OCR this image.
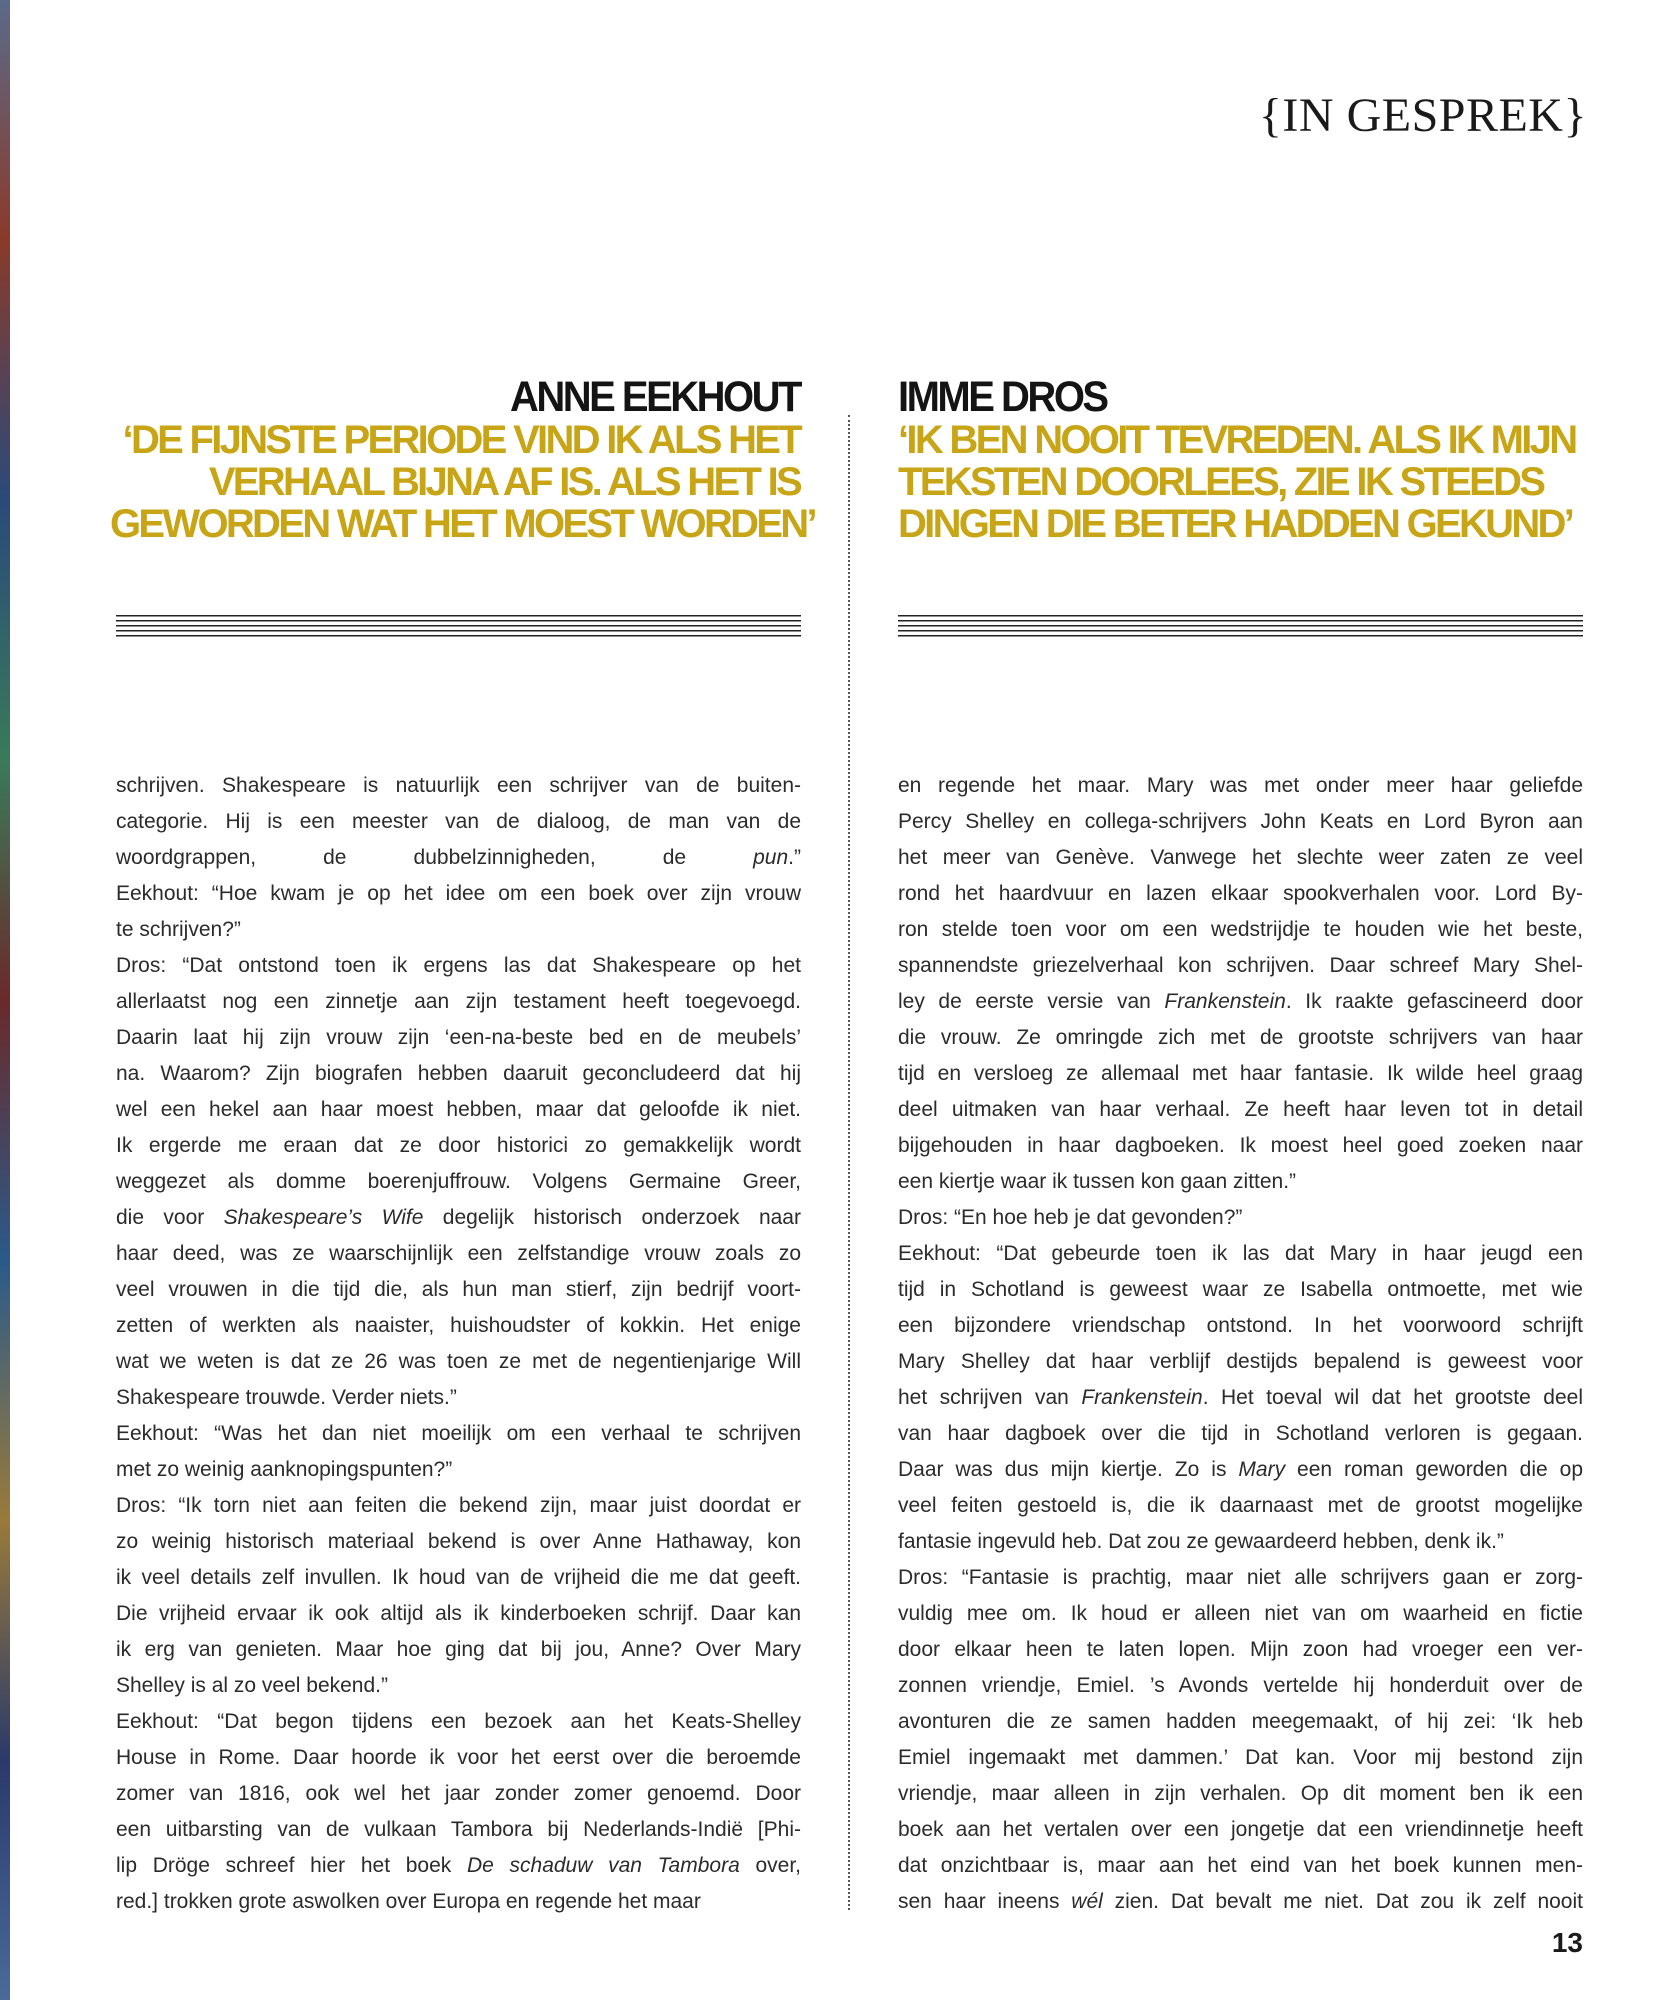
{IN GESPREK}
ANNE EEKHOUT
‘DE FIJNSTE PERIODE VIND IK ALS HET
VERHAAL BIJNA AF IS. ALS HET IS
GEWORDEN WAT HET MOEST WORDEN’
IMME DROS
‘IK BEN NOOIT TEVREDEN. ALS IK MIJN
TEKSTEN DOORLEES, ZIE IK STEEDS
DINGEN DIE BETER HADDEN GEKUND’
schrijven. Shakespeare is natuurlijk een schrijver van de buiten-
categorie. Hij is een meester van de dialoog, de man van de
woordgrappen, de dubbelzinnigheden, de pun.”
Eekhout: “Hoe kwam je op het idee om een boek over zijn vrouw
te schrijven?”
Dros: “Dat ontstond toen ik ergens las dat Shakespeare op het
allerlaatst nog een zinnetje aan zijn testament heeft toegevoegd.
Daarin laat hij zijn vrouw zijn ‘een-na-beste bed en de meubels’
na. Waarom? Zijn biografen hebben daaruit geconcludeerd dat hij
wel een hekel aan haar moest hebben, maar dat geloofde ik niet.
Ik ergerde me eraan dat ze door historici zo gemakkelijk wordt
weggezet als domme boerenjuffrouw. Volgens Germaine Greer,
die voor Shakespeare’s Wife degelijk historisch onderzoek naar
haar deed, was ze waarschijnlijk een zelfstandige vrouw zoals zo
veel vrouwen in die tijd die, als hun man stierf, zijn bedrijf voort-
zetten of werkten als naaister, huishoudster of kokkin. Het enige
wat we weten is dat ze 26 was toen ze met de negentienjarige Will
Shakespeare trouwde. Verder niets.”
Eekhout: “Was het dan niet moeilijk om een verhaal te schrijven
met zo weinig aanknopingspunten?”
Dros: “Ik torn niet aan feiten die bekend zijn, maar juist doordat er
zo weinig historisch materiaal bekend is over Anne Hathaway, kon
ik veel details zelf invullen. Ik houd van de vrijheid die me dat geeft.
Die vrijheid ervaar ik ook altijd als ik kinderboeken schrijf. Daar kan
ik erg van genieten. Maar hoe ging dat bij jou, Anne? Over Mary
Shelley is al zo veel bekend.”
Eekhout: “Dat begon tijdens een bezoek aan het Keats-Shelley
House in Rome. Daar hoorde ik voor het eerst over die beroemde
zomer van 1816, ook wel het jaar zonder zomer genoemd. Door
een uitbarsting van de vulkaan Tambora bij Nederlands-Indië [Phi-
lip Dröge schreef hier het boek De schaduw van Tambora over,
red.] trokken grote aswolken over Europa en regende het maar
en regende het maar. Mary was met onder meer haar geliefde
Percy Shelley en collega-schrijvers John Keats en Lord Byron aan
het meer van Genève. Vanwege het slechte weer zaten ze veel
rond het haardvuur en lazen elkaar spookverhalen voor. Lord By-
ron stelde toen voor om een wedstrijdje te houden wie het beste,
spannendste griezelverhaal kon schrijven. Daar schreef Mary Shel-
ley de eerste versie van Frankenstein. Ik raakte gefascineerd door
die vrouw. Ze omringde zich met de grootste schrijvers van haar
tijd en versloeg ze allemaal met haar fantasie. Ik wilde heel graag
deel uitmaken van haar verhaal. Ze heeft haar leven tot in detail
bijgehouden in haar dagboeken. Ik moest heel goed zoeken naar
een kiertje waar ik tussen kon gaan zitten.”
Dros: “En hoe heb je dat gevonden?”
Eekhout: “Dat gebeurde toen ik las dat Mary in haar jeugd een
tijd in Schotland is geweest waar ze Isabella ontmoette, met wie
een bijzondere vriendschap ontstond. In het voorwoord schrijft
Mary Shelley dat haar verblijf destijds bepalend is geweest voor
het schrijven van Frankenstein. Het toeval wil dat het grootste deel
van haar dagboek over die tijd in Schotland verloren is gegaan.
Daar was dus mijn kiertje. Zo is Mary een roman geworden die op
veel feiten gestoeld is, die ik daarnaast met de grootst mogelijke
fantasie ingevuld heb. Dat zou ze gewaardeerd hebben, denk ik.”
Dros: “Fantasie is prachtig, maar niet alle schrijvers gaan er zorg-
vuldig mee om. Ik houd er alleen niet van om waarheid en fictie
door elkaar heen te laten lopen. Mijn zoon had vroeger een ver-
zonnen vriendje, Emiel. ’s Avonds vertelde hij honderduit over de
avonturen die ze samen hadden meegemaakt, of hij zei: ‘Ik heb
Emiel ingemaakt met dammen.’ Dat kan. Voor mij bestond zijn
vriendje, maar alleen in zijn verhalen. Op dit moment ben ik een
boek aan het vertalen over een jongetje dat een vriendinnetje heeft
dat onzichtbaar is, maar aan het eind van het boek kunnen men-
sen haar ineens wél zien. Dat bevalt me niet. Dat zou ik zelf nooit
13
